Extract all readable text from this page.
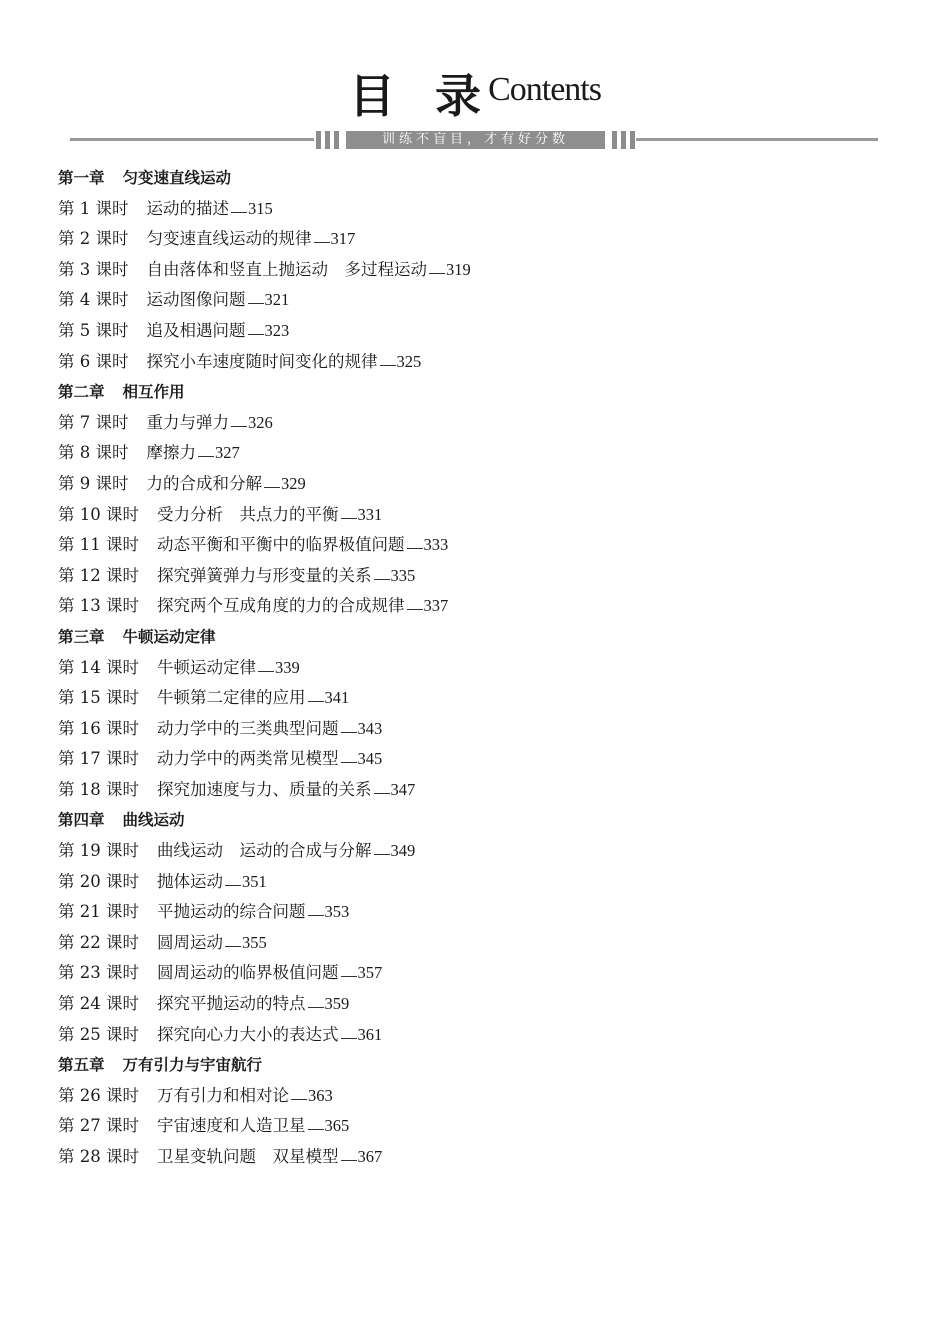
目 录 Contents
训练不盲目，才有好分数
第一章 匀变速直线运动
第 1 课时 运动的描述 315
第 2 课时 匀变速直线运动的规律 317
第 3 课时 自由落体和竖直上抛运动　多过程运动 319
第 4 课时 运动图像问题 321
第 5 课时 追及相遇问题 323
第 6 课时 探究小车速度随时间变化的规律 325
第二章 相互作用
第 7 课时 重力与弹力 326
第 8 课时 摩擦力 327
第 9 课时 力的合成和分解 329
第 10 课时 受力分析　共点力的平衡 331
第 11 课时 动态平衡和平衡中的临界极值问题 333
第 12 课时 探究弹簧弹力与形变量的关系 335
第 13 课时 探究两个互成角度的力的合成规律 337
第三章 牛顿运动定律
第 14 课时 牛顿运动定律 339
第 15 课时 牛顿第二定律的应用 341
第 16 课时 动力学中的三类典型问题 343
第 17 课时 动力学中的两类常见模型 345
第 18 课时 探究加速度与力、质量的关系 347
第四章 曲线运动
第 19 课时 曲线运动　运动的合成与分解 349
第 20 课时 抛体运动 351
第 21 课时 平抛运动的综合问题 353
第 22 课时 圆周运动 355
第 23 课时 圆周运动的临界极值问题 357
第 24 课时 探究平抛运动的特点 359
第 25 课时 探究向心力大小的表达式 361
第五章 万有引力与宇宙航行
第 26 课时 万有引力和相对论 363
第 27 课时 宇宙速度和人造卫星 365
第 28 课时 卫星变轨问题　双星模型 367
